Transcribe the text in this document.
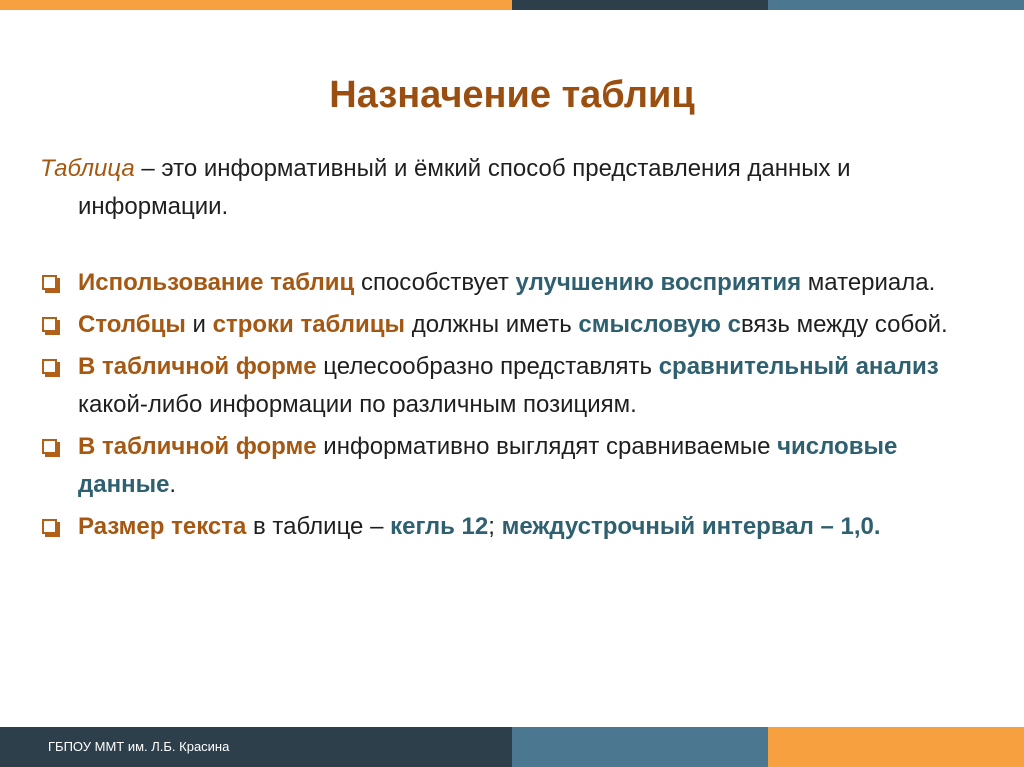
Назначение таблиц

Таблица – это информативный и ёмкий способ представления данных и информации.

Использование таблиц способствует улучшению восприятия материала.
Столбцы и строки таблицы должны иметь смысловую связь между собой.
В табличной форме целесообразно представлять сравнительный анализ какой-либо информации по различным позициям.
В табличной форме информативно выглядят сравниваемые числовые данные.
Размер текста в таблице – кегль 12; междустрочный интервал – 1,0.
ГБПОУ ММТ им. Л.Б. Красина
